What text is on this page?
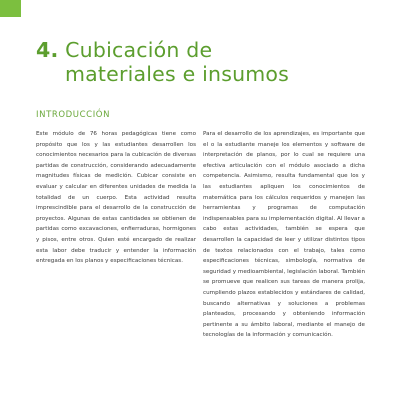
4. Cubicación de
materiales e insumos
INTRODUCCIÓN

Este módulo de 76 horas pedagógicas tiene como propósito que los y las estudiantes desarrollen los conocimientos necesarios para la cubicación de diversas partidas de construcción, considerando adecuadamente magnitudes físicas de medición. Cubicar consiste en evaluar y calcular en diferentes unidades de medida la totalidad de un cuerpo. Esta actividad resulta imprescindible para el desarrollo de la construcción de proyectos. Algunas de estas cantidades se obtienen de partidas como excavaciones, enfierraduras, hormigones y pisos, entre otros. Quien esté encargado de realizar esta labor debe traducir y entender la información entregada en los planos y especificaciones técnicas.

Para el desarrollo de los aprendizajes, es importante que el o la estudiante maneje los elementos y software de interpretación de planos, por lo cual se requiere una efectiva articulación con el módulo asociado a dicha competencia. Asimismo, resulta fundamental que los y las estudiantes apliquen los conocimientos de matemática para los cálculos requeridos y manejen las herramientas y programas de computación indispensables para su implementación digital. Al llevar a cabo estas actividades, también se espera que desarrollen la capacidad de leer y utilizar distintos tipos de textos relacionados con el trabajo, tales como especificaciones técnicas, simbología, normativa de seguridad y medioambiental, legislación laboral. También se promueve que realicen sus tareas de manera prolija, cumpliendo plazos establecidos y estándares de calidad, buscando alternativas y soluciones a problemas planteados, procesando y obteniendo información pertinente a su ámbito laboral, mediante el manejo de tecnologías de la información y comunicación.
